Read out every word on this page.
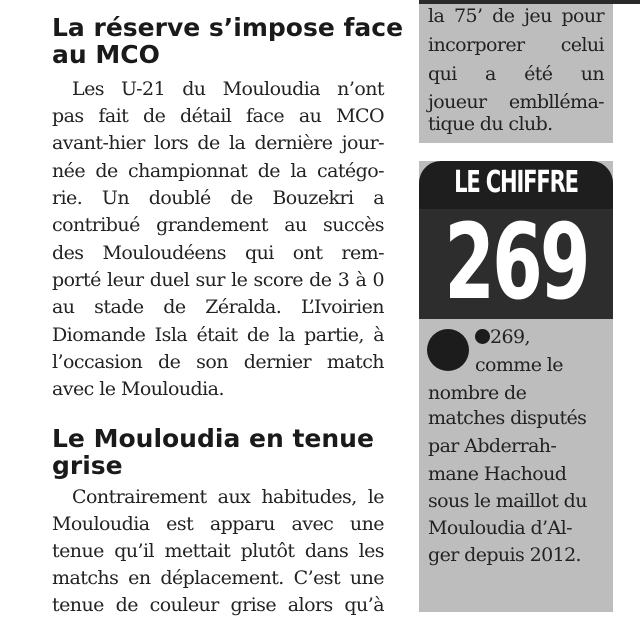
La réserve s’impose face
au MCO

Les U-21 du Mouloudia n’ont

pas fait de détail face au MCO

avant-hier lors de la dernière jour-

née de championnat de la catégo-

rie. Un doublé de Bouzekri a

contribué grandement au succès

des Mouloudéens qui ont rem-

porté leur duel sur le score de 3 à 0

au stade de Zéralda. L’Ivoirien

Diomande Isla était de la partie, à

l’occasion de son dernier match

avec le Mouloudia.

Le Mouloudia en tenue
grise

Contrairement aux habitudes, le

Mouloudia est apparu avec une

tenue qu’il mettait plutôt dans les

matchs en déplacement. C’est une

tenue de couleur grise alors qu’à

la 75’ de jeu pour

incorporer celui

qui a été un

joueur emblléma-

tique du club.

LE CHIFFRE
269

269,

comme le

nombre de

matches disputés

par Abderrah-

mane Hachoud

sous le maillot du

Mouloudia d’Al-

ger depuis 2012.
